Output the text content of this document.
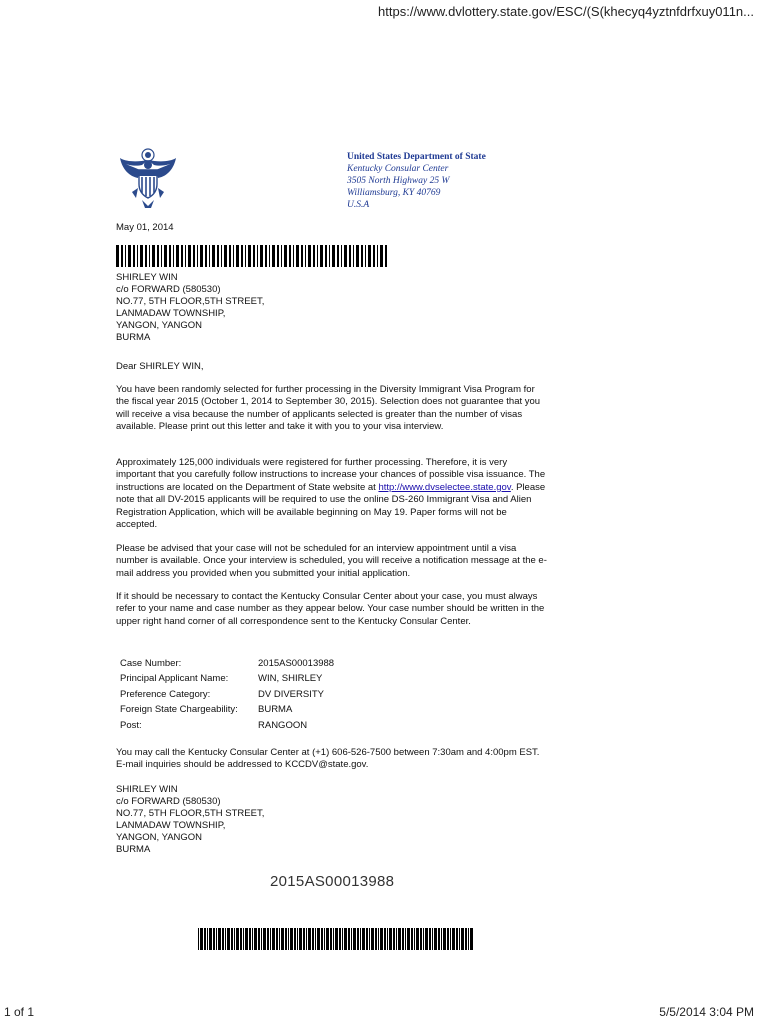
https://www.dvlottery.state.gov/ESC/(S(khecyq4yztnfdrfxuy011n...
United States Department of State
Kentucky Consular Center
3505 North Highway 25 W
Williamsburg, KY 40769
U.S.A
May 01, 2014
SHIRLEY WIN
c/o FORWARD (580530)
NO.77, 5TH FLOOR,5TH STREET,
LANMADAW TOWNSHIP,
YANGON, YANGON
BURMA
Dear SHIRLEY WIN,
You have been randomly selected for further processing in the Diversity Immigrant Visa Program for the fiscal year 2015 (October 1, 2014 to September 30, 2015). Selection does not guarantee that you will receive a visa because the number of applicants selected is greater than the number of visas available. Please print out this letter and take it with you to your visa interview.
Approximately 125,000 individuals were registered for further processing. Therefore, it is very important that you carefully follow instructions to increase your chances of possible visa issuance. The instructions are located on the Department of State website at http://www.dvselectee.state.gov. Please note that all DV-2015 applicants will be required to use the online DS-260 Immigrant Visa and Alien Registration Application, which will be available beginning on May 19. Paper forms will not be accepted.
Please be advised that your case will not be scheduled for an interview appointment until a visa number is available. Once your interview is scheduled, you will receive a notification message at the e-mail address you provided when you submitted your initial application.
If it should be necessary to contact the Kentucky Consular Center about your case, you must always refer to your name and case number as they appear below. Your case number should be written in the upper right hand corner of all correspondence sent to the Kentucky Consular Center.
Case Number:	2015AS00013988
Principal Applicant Name:	WIN, SHIRLEY
Preference Category:	DV DIVERSITY
Foreign State Chargeability:	BURMA
Post:	RANGOON
You may call the Kentucky Consular Center at (+1) 606-526-7500 between 7:30am and 4:00pm EST. E-mail inquiries should be addressed to KCCDV@state.gov.
SHIRLEY WIN
c/o FORWARD (580530)
NO.77, 5TH FLOOR,5TH STREET,
LANMADAW TOWNSHIP,
YANGON, YANGON
BURMA
2015AS00013988
1 of 1	5/5/2014 3:04 PM
